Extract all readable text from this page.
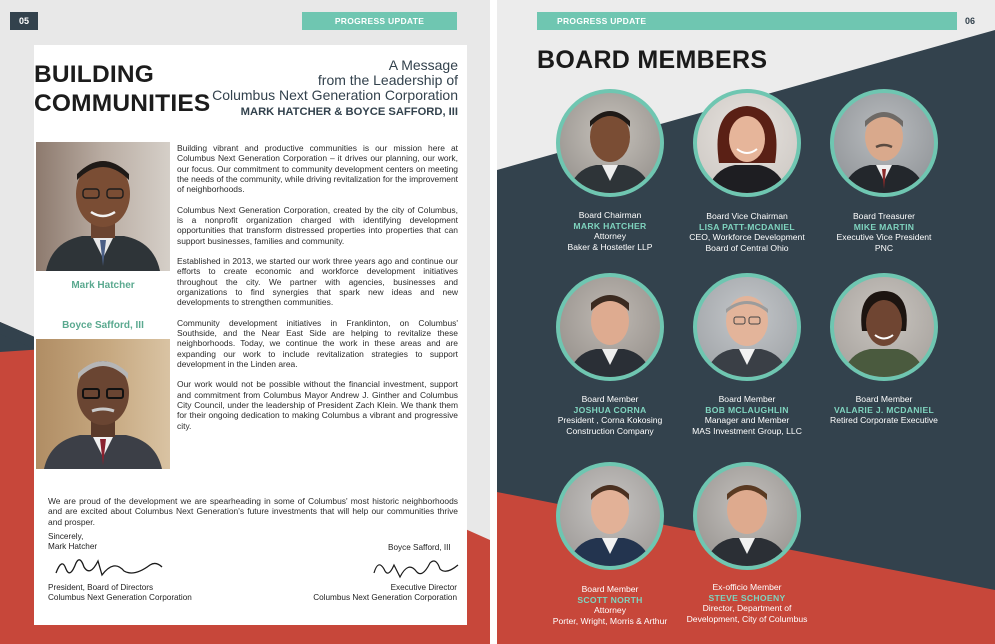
05	PROGRESS UPDATE
BUILDING
COMMUNITIES
A Message
from the Leadership of
Columbus Next Generation Corporation
MARK HATCHER & BOYCE SAFFORD, III
Mark Hatcher
Boyce Safford, III

Building vibrant and productive communities is our mission here at Columbus Next Generation Corporation – it drives our planning, our work, our focus. Our commitment to community development centers on meeting the needs of the community, while driving revitalization for the improvement of neighborhoods.

Columbus Next Generation Corporation, created by the city of Columbus, is a nonprofit organization charged with identifying development opportunities that transform distressed properties into properties that can support businesses, families and community.

Established in 2013, we started our work three years ago and continue our efforts to create economic and workforce development initiatives throughout the city. We partner with agencies, businesses and organizations to find synergies that spark new ideas and new developments to strengthen communities.

Community development initiatives in Franklinton, on Columbus' Southside, and the Near East Side are helping to revitalize these neighborhoods. Today, we continue the work in these areas and are expanding our work to include revitalization strategies to support development in the Linden area.

Our work would not be possible without the financial investment, support and commitment from Columbus Mayor Andrew J. Ginther and Columbus City Council, under the leadership of President Zach Klein. We thank them for their ongoing dedication to making Columbus a vibrant and progressive city.

We are proud of the development we are spearheading in some of Columbus' most historic neighborhoods and are excited about Columbus Next Generation's future investments that will help our communities thrive and prosper.
Sincerely,
Mark Hatcher
President, Board of Directors
Columbus Next Generation Corporation
Boyce Safford, III
Executive Director
Columbus Next Generation Corporation
PROGRESS UPDATE	06
BOARD MEMBERS
Board Chairman
MARK HATCHER
Attorney
Baker & Hostetler LLP
Board Vice Chairman
LISA PATT-MCDANIEL
CEO, Workforce Development
Board of Central Ohio
Board Treasurer
MIKE MARTIN
Executive Vice President
PNC
Board Member
JOSHUA CORNA
President , Corna Kokosing
Construction Company
Board Member
BOB MCLAUGHLIN
Manager and Member
MAS Investment Group, LLC
Board Member
VALARIE J. MCDANIEL
Retired Corporate Executive
Board Member
SCOTT NORTH
Attorney
Porter, Wright, Morris & Arthur
Ex-officio Member
STEVE SCHOENY
Director, Department of
Development, City of Columbus
